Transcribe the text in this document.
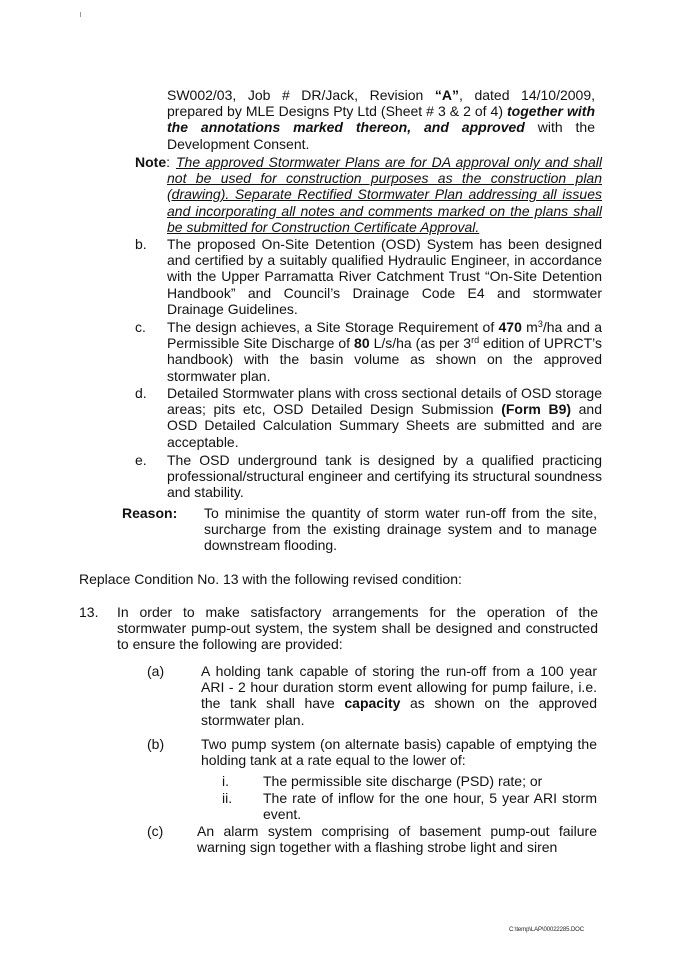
SW002/03, Job # DR/Jack, Revision “A”, dated 14/10/2009, prepared by MLE Designs Pty Ltd (Sheet # 3 & 2 of 4) together with the annotations marked thereon, and approved with the Development Consent.
Note: The approved Stormwater Plans are for DA approval only and shall not be used for construction purposes as the construction plan (drawing). Separate Rectified Stormwater Plan addressing all issues and incorporating all notes and comments marked on the plans shall be submitted for Construction Certificate Approval.
b. The proposed On-Site Detention (OSD) System has been designed and certified by a suitably qualified Hydraulic Engineer, in accordance with the Upper Parramatta River Catchment Trust “On-Site Detention Handbook” and Council’s Drainage Code E4 and stormwater Drainage Guidelines.
c. The design achieves, a Site Storage Requirement of 470 $m^3/ha$ and a Permissible Site Discharge of 80 L/s/ha (as per 3rd edition of UPRCT’s handbook) with the basin volume as shown on the approved stormwater plan.
d. Detailed Stormwater plans with cross sectional details of OSD storage areas; pits etc, OSD Detailed Design Submission (Form B9) and OSD Detailed Calculation Summary Sheets are submitted and are acceptable.
e. The OSD underground tank is designed by a qualified practicing professional/structural engineer and certifying its structural soundness and stability.
Reason: To minimise the quantity of storm water run-off from the site, surcharge from the existing drainage system and to manage downstream flooding.
Replace Condition No. 13 with the following revised condition:
13. In order to make satisfactory arrangements for the operation of the stormwater pump-out system, the system shall be designed and constructed to ensure the following are provided:
(a)	A holding tank capable of storing the run-off from a 100 year ARI - 2 hour duration storm event allowing for pump failure, i.e. the tank shall have capacity as shown on the approved stormwater plan.
(b)	Two pump system (on alternate basis) capable of emptying the holding tank at a rate equal to the lower of:
i. The permissible site discharge (PSD) rate; or
ii. The rate of inflow for the one hour, 5 year ARI storm event.
(c) An alarm system comprising of basement pump-out failure warning sign together with a flashing strobe light and siren
C:\temp\LAP\00022285.DOC
